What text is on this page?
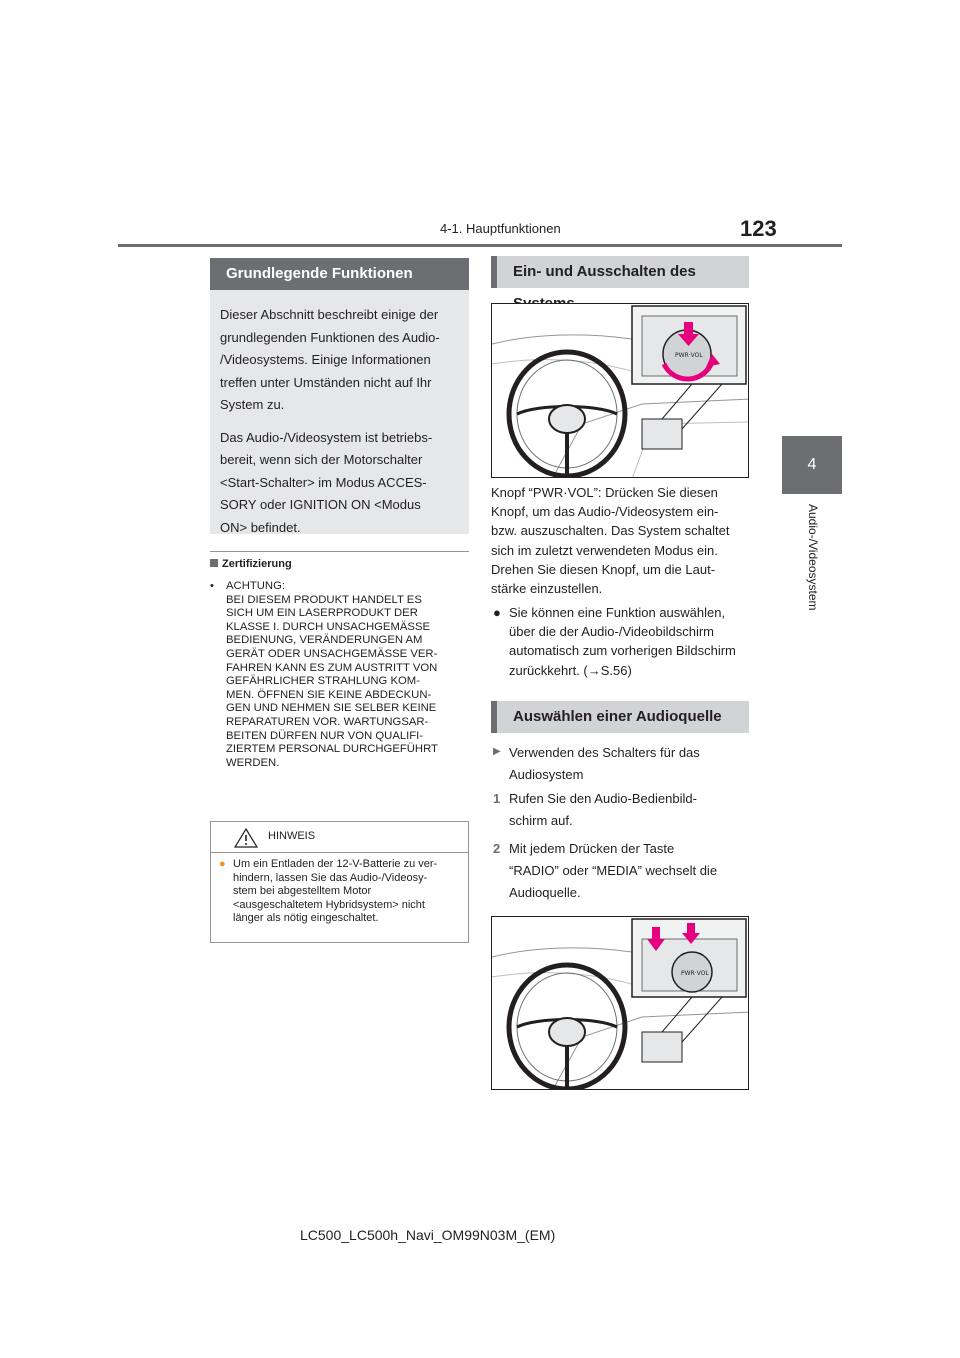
4-1. Hauptfunktionen	123
4
Audio-/Videosystem
Grundlegende Funktionen

Dieser Abschnitt beschreibt einige der

grundlegenden Funktionen des Audio-

/Videosystems. Einige Informationen

treffen unter Umständen nicht auf Ihr

System zu.

Das Audio-/Videosystem ist betriebs-

bereit, wenn sich der Motorschalter

<Start-Schalter> im Modus ACCES-

SORY oder IGNITION ON <Modus

ON> befindet.

Zertifizierung
• ACHTUNG:
BEI DIESEM PRODUKT HANDELT ES
SICH UM EIN LASERPRODUKT DER
KLASSE I. DURCH UNSACHGEMÄSSE
BEDIENUNG, VERÄNDERUNGEN AM
GERÄT ODER UNSACHGEMÄSSE VER-
FAHREN KANN ES ZUM AUSTRITT VON
GEFÄHRLICHER STRAHLUNG KOM-
MEN. ÖFFNEN SIE KEINE ABDECKUN-
GEN UND NEHMEN SIE SELBER KEINE
REPARATUREN VOR. WARTUNGSAR-
BEITEN DÜRFEN NUR VON QUALIFI-
ZIERTEM PERSONAL DURCHGEFÜHRT
WERDEN.
HINWEIS
● Um ein Entladen der 12-V-Batterie zu ver-
hindern, lassen Sie das Audio-/Videosy-
stem bei abgestelltem Motor
<ausgeschaltetem Hybridsystem> nicht
länger als nötig eingeschaltet.
Ein- und Ausschalten des
PWR·VOL
Knopf “PWR·VOL”: Drücken Sie diesen
Knopf, um das Audio-/Videosystem ein-
bzw. auszuschalten. Das System schaltet
sich im zuletzt verwendeten Modus ein.
Drehen Sie diesen Knopf, um die Laut-
stärke einzustellen.
● Sie können eine Funktion auswählen,
über die der Audio-/Videobildschirm
automatisch zum vorherigen Bildschirm
zurückkehrt. (→S.56)
Auswählen einer Audioquelle
▶ Verwenden des Schalters für das
Audiosystem
1 Rufen Sie den Audio-Bedienbild-
schirm auf.
2 Mit jedem Drücken der Taste
“RADIO” oder “MEDIA” wechselt die
Audioquelle.
PWR·VOL
LC500_LC500h_Navi_OM99N03M_(EM)
